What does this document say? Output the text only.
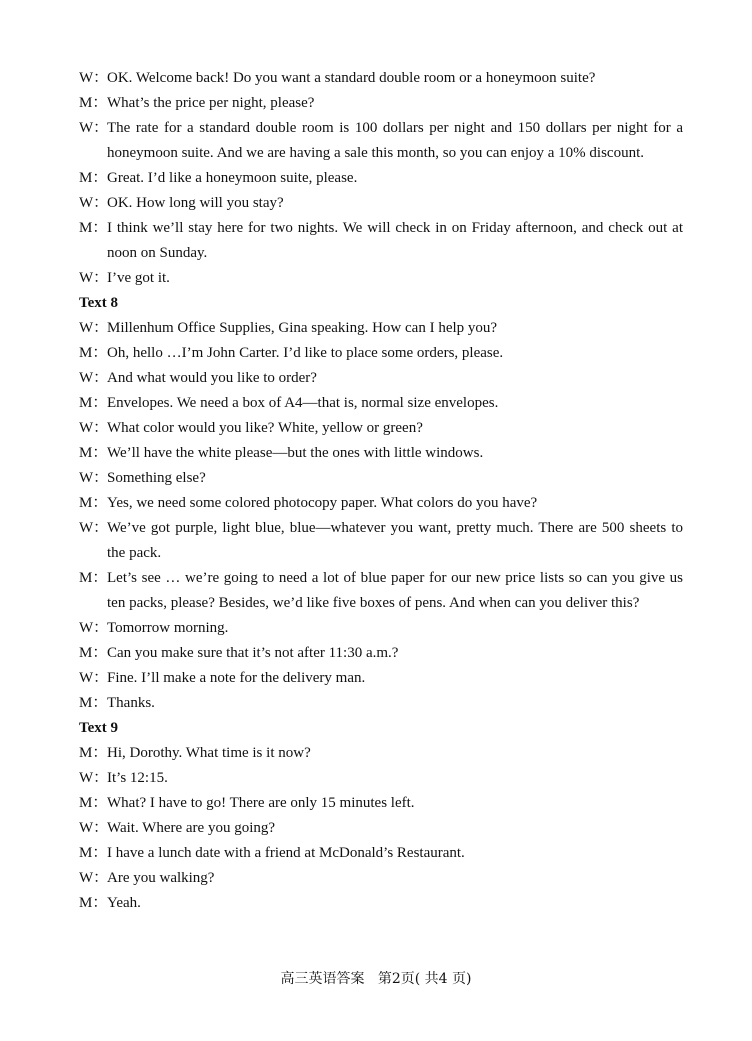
W：
OK. Welcome back! Do you want a standard double room or a honeymoon suite?
M： What’s the price per night, please?
W：
The rate for a standard double room is 100 dollars per night and 150 dollars per night for a honeymoon suite. And we are having a sale this month, so you can enjoy a 10% discount.
M： Great. I’d like a honeymoon suite, please.
W：
OK. How long will you stay?
M： I think we’ll stay here for two nights. We will check in on Friday afternoon, and check out at noon on Sunday.
W：
I’ve got it.
Text 8
W：
Millenhum Office Supplies, Gina speaking. How can I help you?
M： Oh, hello …I’m John Carter. I’d like to place some orders, please.
W：
And what would you like to order?
M： Envelopes. We need a box of A4—that is, normal size envelopes.
W：
What color would you like? White, yellow or green?
M： We’ll have the white please—but the ones with little windows.
W：
Something else?
M： Yes, we need some colored photocopy paper. What colors do you have?
W：
We’ve got purple, light blue, blue—whatever you want, pretty much. There are 500 sheets to the pack.
M： Let’s see … we’re going to need a lot of blue paper for our new price lists so can you give us ten packs, please? Besides, we’d like five boxes of pens. And when can you deliver this?
W：
Tomorrow morning.
M： Can you make sure that it’s not after 11:30 a.m.?
W：
Fine. I’ll make a note for the delivery man.
M： Thanks.
Text 9
M： Hi, Dorothy. What time is it now?
W：
It’s 12:15.
M： What? I have to go! There are only 15 minutes left.
W：
Wait. Where are you going?
M： I have a lunch date with a friend at McDonald’s Restaurant.
W：
Are you walking?
M： Yeah.
高三英语答案 第2页( 共4 页)
